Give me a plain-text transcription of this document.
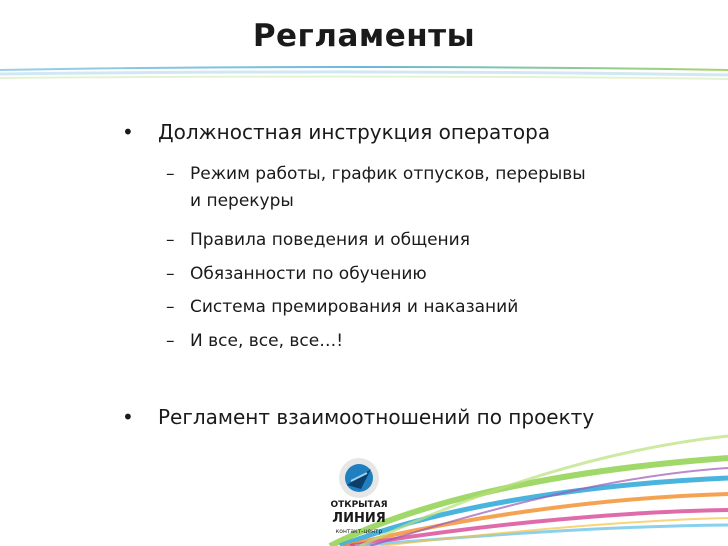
Регламенты
• Должностная инструкция оператора
– Режим работы, график отпусков, перерывы
и перекуры
– Правила поведения и общения
– Обязанности по обучению
– Система премирования и наказаний
– И все, все, все…!
• Регламент взаимоотношений по проекту
ОТКРЫТАЯ
ЛИНИЯ
контакт-центр
